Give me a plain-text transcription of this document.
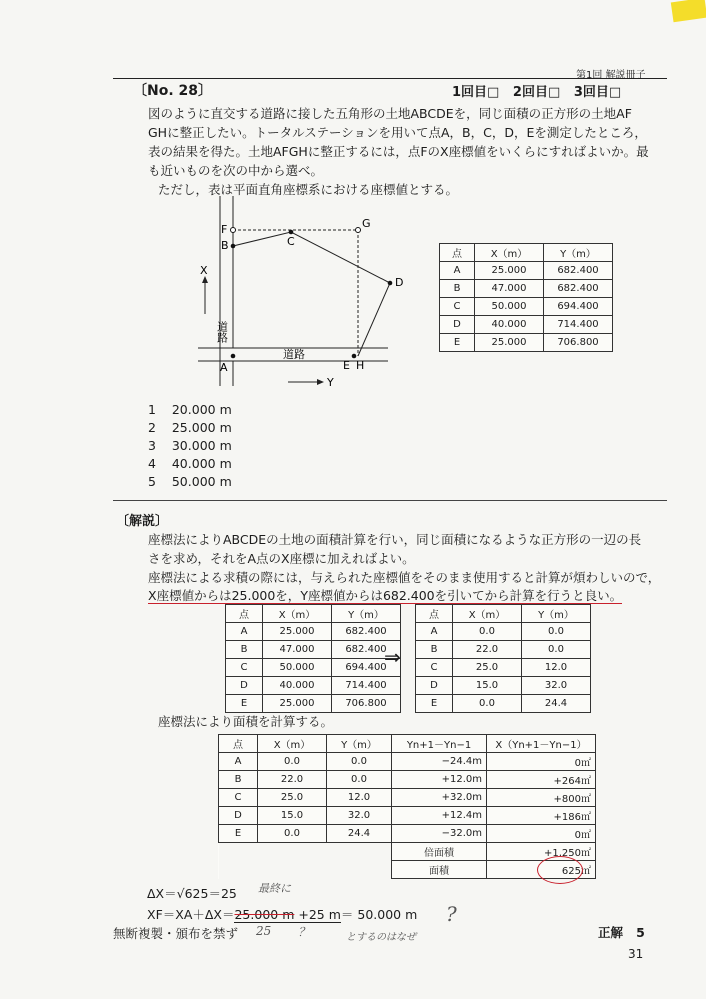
第1回 解説冊子
〔No. 28〕	1回目□ 2回目□ 3回目□
図のように直交する道路に接した五角形の土地ABCDEを，同じ面積の正方形の土地AF
GHに整正したい。トータルステーションを用いて点A，B，C，D，Eを測定したところ，
表の結果を得た。土地AFGHに整正するには，点FのX座標値をいくらにすればよいか。最
も近いものを次の中から選べ。
ただし，表は平面直角座標系における座標値とする。
F
B	C
G
D
A	E H
X
Y
道路
道路
点	X（m）	Y（m）
A	25.000	682.400
B	47.000	682.400
C	50.000	694.400
D	40.000	714.400
E	25.000	706.800
1 20.000 m
2 25.000 m
3 30.000 m
4 40.000 m
5 50.000 m
〔解説〕
座標法によりABCDEの土地の面積計算を行い，同じ面積になるような正方形の一辺の長
さを求め，それをA点のX座標に加えればよい。
座標法による求積の際には，与えられた座標値をそのまま使用すると計算が煩わしいので，
X座標値からは25.000を，Y座標値からは682.400を引いてから計算を行うと良い。
点	X（m）	Y（m）
A	25.000	682.400
B	47.000	682.400
C	50.000	694.400
D	40.000	714.400
E	25.000	706.800
⇒
点	X（m）	Y（m）
A	0.0	0.0
B	22.0	0.0
C	25.0	12.0
D	15.0	32.0
E	0.0	24.4
座標法により面積を計算する。
点	X（m）	Y（m）	Yn+1－Yn−1	X（Yn+1－Yn−1）
A	0.0	0.0	−24.4m	0㎡
B	22.0	0.0	+12.0m	+264㎡
C	25.0	12.0	+32.0m	+800㎡
D	15.0	32.0	+12.4m	+186㎡
E	0.0	24.4	−32.0m	0㎡
			倍面積	+1,250㎡
			面積	625㎡
ΔX＝√625＝25
XF＝XA＋ΔX＝25.000 m +25 m＝ 50.000 m
最終に
25 ？	とするのはなぜ
?
無断複製・頒布を禁ず	正解 5
31
